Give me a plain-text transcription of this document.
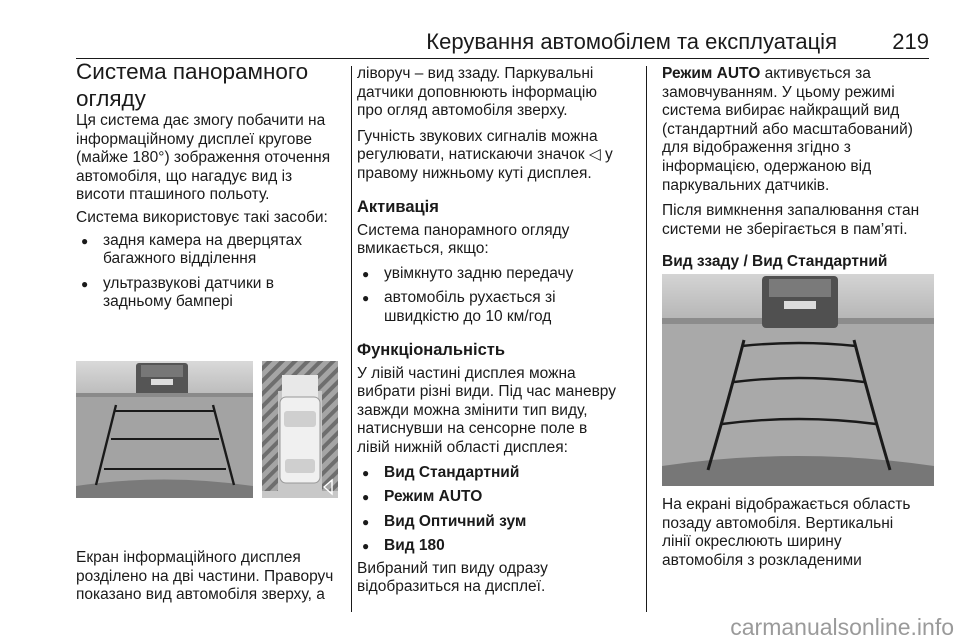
Керування автомобілем та експлуатація	219
Система панорамного
огляду

Ця система дає змогу побачити на
інформаційному дисплеї кругове
(майже 180°) зображення оточення
автомобіля, що нагадує вид із
висоти пташиного польоту.

Система використовує такі засоби:

● задня камера на дверцятах
багажного відділення
● ультразвукові датчики в
задньому бампері

Екран інформаційного дисплея
розділено на дві частини. Праворуч
показано вид автомобіля зверху, а

ліворуч – вид ззаду. Паркувальні
датчики доповнюють інформацію
про огляд автомобіля зверху.

Гучність звукових сигналів можна
регулювати, натискаючи значок ◁ у
правому нижньому куті дисплея.

Активація

Система панорамного огляду
вмикається, якщо:

● увімкнуто задню передачу
● автомобіль рухається зі
швидкістю до 10 км/год
Функціональність

У лівій частині дисплея можна
вибрати різні види. Під час маневру
завжди можна змінити тип виду,
натиснувши на сенсорне поле в
лівій нижній області дисплея:

● Вид Стандартний
● Режим AUTO
● Вид Оптичний зум
● Вид 180

Вибраний тип виду одразу
відобразиться на дисплеї.

Режим AUTO активується за
замовчуванням. У цьому режимі
система вибирає найкращий вид
(стандартний або масштабований)
для відображення згідно з
інформацією, одержаною від
паркувальних датчиків.

Після вимкнення запалювання стан
системи не зберігається в пам’яті.

Вид ззаду / Вид Стандартний

На екрані відображається область
позаду автомобіля. Вертикальні
лінії окреслюють ширину
автомобіля з розкладеними

carmanualsonline.info
